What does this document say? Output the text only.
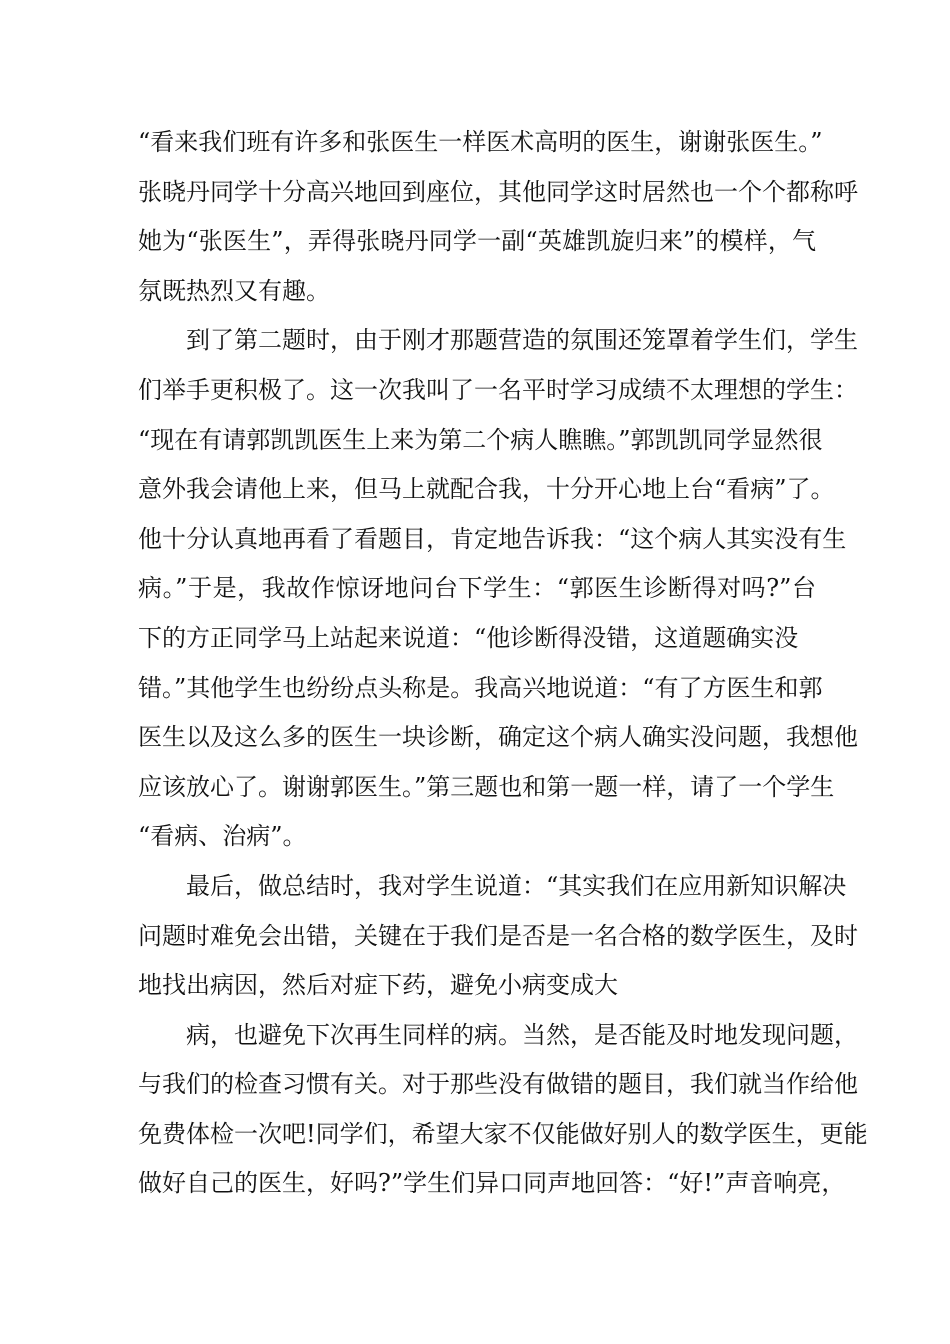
“看来我们班有许多和张医生一样医术高明的医生，谢谢张医生。”
张晓丹同学十分高兴地回到座位，其他同学这时居然也一个个都称呼
她为“张医生”，弄得张晓丹同学一副“英雄凯旋归来”的模样，气
氛既热烈又有趣。
到了第二题时，由于刚才那题营造的氛围还笼罩着学生们，学生
们举手更积极了。这一次我叫了一名平时学习成绩不太理想的学生：
“现在有请郭凯凯医生上来为第二个病人瞧瞧。”郭凯凯同学显然很
意外我会请他上来，但马上就配合我，十分开心地上台“看病”了。
他十分认真地再看了看题目，肯定地告诉我：“这个病人其实没有生
病。”于是，我故作惊讶地问台下学生：“郭医生诊断得对吗?”台
下的方正同学马上站起来说道：“他诊断得没错，这道题确实没
错。”其他学生也纷纷点头称是。我高兴地说道：“有了方医生和郭
医生以及这么多的医生一块诊断，确定这个病人确实没问题，我想他
应该放心了。谢谢郭医生。”第三题也和第一题一样，请了一个学生
“看病、治病”。
最后，做总结时，我对学生说道：“其实我们在应用新知识解决
问题时难免会出错，关键在于我们是否是一名合格的数学医生，及时
地找出病因，然后对症下药，避免小病变成大
病，也避免下次再生同样的病。当然，是否能及时地发现问题，
与我们的检查习惯有关。对于那些没有做错的题目，我们就当作给他
免费体检一次吧!同学们，希望大家不仅能做好别人的数学医生，更能
做好自己的医生，好吗?”学生们异口同声地回答：“好!”声音响亮，
